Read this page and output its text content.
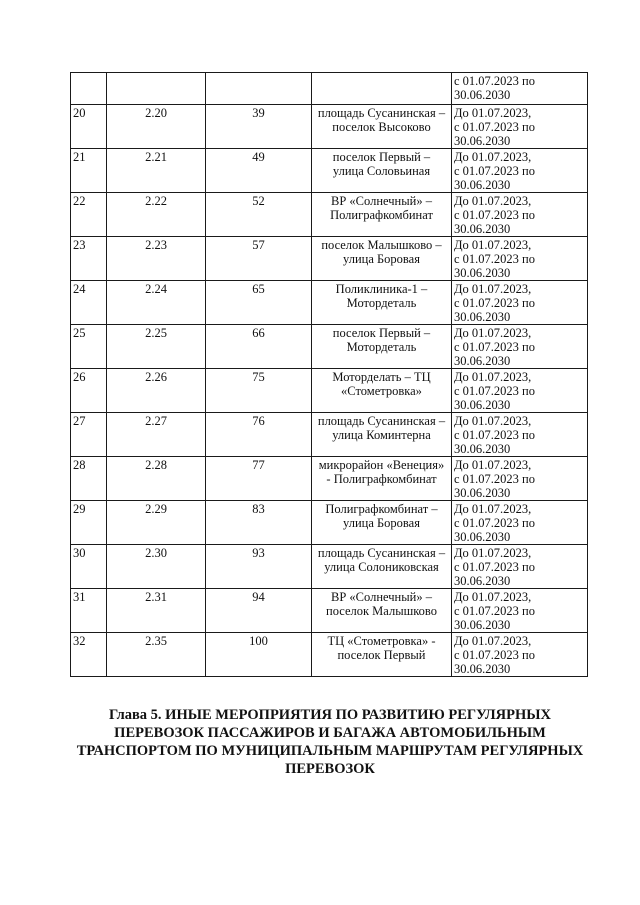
				с 01.07.2023 по
30.06.2030

20	2.20	39	площадь Сусанинская –
поселок Высоково	До 01.07.2023,
с 01.07.2023 по
30.06.2030

21	2.21	49	поселок Первый –
улица Соловьиная	До 01.07.2023,
с 01.07.2023 по
30.06.2030

22	2.22	52	ВР «Солнечный» –
Полиграфкомбинат	До 01.07.2023,
с 01.07.2023 по
30.06.2030

23	2.23	57	поселок Малышково –
улица Боровая	До 01.07.2023,
с 01.07.2023 по
30.06.2030

24	2.24	65	Поликлиника-1 –
Мотордеталь	До 01.07.2023,
с 01.07.2023 по
30.06.2030

25	2.25	66	поселок Первый –
Мотордеталь	До 01.07.2023,
с 01.07.2023 по
30.06.2030

26	2.26	75	Моторделать – ТЦ
«Стометровка»	До 01.07.2023,
с 01.07.2023 по
30.06.2030

27	2.27	76	площадь Сусанинская –
улица Коминтерна	До 01.07.2023,
с 01.07.2023 по
30.06.2030

28	2.28	77	микрорайон «Венеция»
- Полиграфкомбинат	До 01.07.2023,
с 01.07.2023 по
30.06.2030

29	2.29	83	Полиграфкомбинат –
улица Боровая	До 01.07.2023,
с 01.07.2023 по
30.06.2030

30	2.30	93	площадь Сусанинская –
улица Солониковская	До 01.07.2023,
с 01.07.2023 по
30.06.2030

31	2.31	94	ВР «Солнечный» –
поселок Малышково	До 01.07.2023,
с 01.07.2023 по
30.06.2030

32	2.35	100	ТЦ «Стометровка» -
поселок Первый	До 01.07.2023,
с 01.07.2023 по
30.06.2030
Глава 5. ИНЫЕ МЕРОПРИЯТИЯ ПО РАЗВИТИЮ РЕГУЛЯРНЫХ
ПЕРЕВОЗОК ПАССАЖИРОВ И БАГАЖА АВТОМОБИЛЬНЫМ
ТРАНСПОРТОМ ПО МУНИЦИПАЛЬНЫМ МАРШРУТАМ РЕГУЛЯРНЫХ
ПЕРЕВОЗОК
